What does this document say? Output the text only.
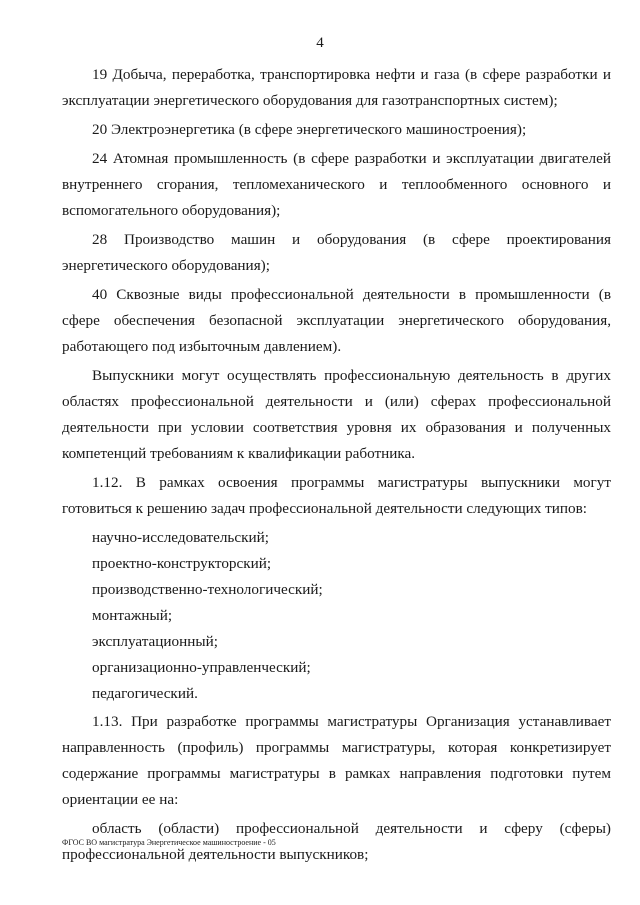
4

19 Добыча, переработка, транспортировка нефти и газа (в сфере разработки и эксплуатации энергетического оборудования для газотранспортных систем);

20 Электроэнергетика (в сфере энергетического машиностроения);

24 Атомная промышленность (в сфере разработки и эксплуатации двигателей внутреннего сгорания, тепломеханического и теплообменного основного и вспомогательного оборудования);

28 Производство машин и оборудования (в сфере проектирования энергетического оборудования);

40 Сквозные виды профессиональной деятельности в промышленности (в сфере обеспечения безопасной эксплуатации энергетического оборудования, работающего под избыточным давлением).

Выпускники могут осуществлять профессиональную деятельность в других областях профессиональной деятельности и (или) сферах профессиональной деятельности при условии соответствия уровня их образования и полученных компетенций требованиям к квалификации работника.

1.12. В рамках освоения программы магистратуры выпускники могут готовиться к решению задач профессиональной деятельности следующих типов:

научно-исследовательский;
проектно-конструкторский;
производственно-технологический;
монтажный;
эксплуатационный;
организационно-управленческий;
педагогический.

1.13. При разработке программы магистратуры Организация устанавливает направленность (профиль) программы магистратуры, которая конкретизирует содержание программы магистратуры в рамках направления подготовки путем ориентации ее на:

область (области) профессиональной деятельности и сферу (сферы) профессиональной деятельности выпускников;

ФГОС ВО магистратура Энергетическое машиностроение - 05
